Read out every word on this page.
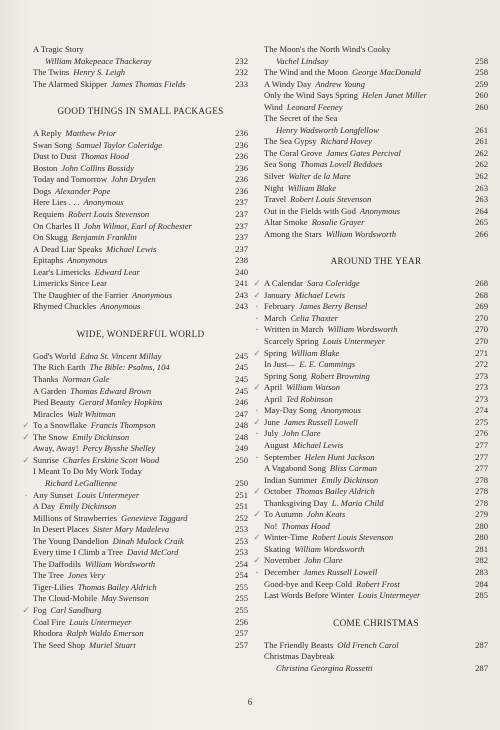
A Tragic Story
William Makepeace Thackeray	232
The Twins Henry S. Leigh	232
The Alarmed Skipper James Thomas Fields	233
GOOD THINGS IN SMALL PACKAGES
A Reply Matthew Prior	236
Swan Song Samuel Taylor Coleridge	236
Dust to Dust Thomas Hood	236
Boston John Collins Bossidy	236
Today and Tomorrow John Dryden	236
Dogs Alexander Pope	236
Here Lies . . . Anonymous	237
Requiem Robert Louis Stevenson	237
On Charles II John Wilmot, Earl of Rochester	237
On Skugg Benjamin Franklin	237
A Dead Liar Speaks Michael Lewis	237
Epitaphs Anonymous	238
Lear's Limericks Edward Lear	240
Limericks Since Lear	241
The Daughter of the Farrier Anonymous	243
Rhymed Chuckles Anonymous	243
WIDE, WONDERFUL WORLD
God's World Edna St. Vincent Millay	245
The Rich Earth The Bible: Psalms, 104	245
Thanks Norman Gale	245
A Garden Thomas Edward Brown	245
Pied Beauty Gerard Manley Hopkins	246
Miracles Walt Whitman	247
✓
To a Snowflake Francis Thompson	248
✓
The Snow Emily Dickinson	248
Away, Away! Percy Bysshe Shelley	249
✓
Sunrise Charles Erskine Scott Wood	250
I Meant To Do My Work Today
Richard LeGallienne	250
·
Any Sunset Louis Untermeyer	251
A Day Emily Dickinson	251
Millions of Strawberries Genevieve Taggard	252
In Desert Places Sister Mary Madeleva	253
The Young Dandelion Dinah Mulock Craik	253
Every time I Climb a Tree David McCord	253
The Daffodils William Wordsworth	254
The Tree Jones Very	254
Tiger-Lilies Thomas Bailey Aldrich	255
The Cloud-Mobile May Swenson	255
✓
Fog Carl Sandburg	255
Coal Fire Louis Untermeyer	256
Rhodora Ralph Waldo Emerson	257
The Seed Shop Muriel Stuart	257
The Moon's the North Wind's Cooky
Vachel Lindsay	258
The Wind and the Moon George MacDonald	258
A Windy Day Andrew Young	259
Only the Wind Says Spring Helen Janet Miller	260
Wind Leonard Feeney	260
The Secret of the Sea
Henry Wadsworth Longfellow	261
The Sea Gypsy Richard Hovey	261
The Coral Grove James Gates Percival	262
Sea Song Thomas Lovell Beddoes	262
Silver Walter de la Mare	262
Night William Blake	263
Travel Robert Louis Stevenson	263
Out in the Fields with God Anonymous	264
Altar Smoke Rosalie Grayer	265
Among the Stars William Wordsworth	266
AROUND THE YEAR
✓
A Calendar Sara Coleridge	268
✓
January Michael Lewis	268
·
February James Berry Bensel	269
·
March Celia Thaxter	270
·
Written in March William Wordsworth	270
Scarcely Spring Louis Untermeyer	270
✓
Spring William Blake	271
In Just— E. E. Cummings	272
Spring Song Robert Browning	273
✓
April William Watson	273
April Ted Robinson	273
·
May-Day Song Anonymous	274
✓
June James Russell Lowell	275
·
July John Clare	276
August Michael Lewis	277
·
September Helen Hunt Jackson	277
A Vagabond Song Bliss Carman	277
Indian Summer Emily Dickinson	278
✓
October Thomas Bailey Aldrich	278
Thanksgiving Day L. Maria Child	278
✓
To Autumn John Keats	279
No! Thomas Hood	280
✓
Winter-Time Robert Louis Stevenson	280
Skating William Wordsworth	281
✓
November John Clare	282
·
December James Russell Lowell	283
Good-bye and Keep Cold Robert Frost	284
Last Words Before Winter Louis Untermeyer	285
COME CHRISTMAS
The Friendly Beasts Old French Carol	287
Christmas Daybreak
Christina Georgina Rossetti	287
6
